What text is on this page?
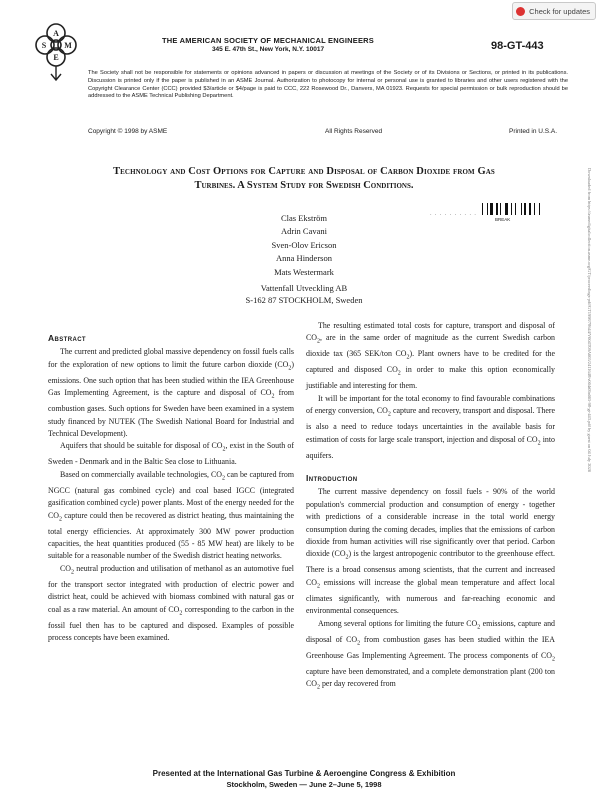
Check for updates
A
S M
E
THE AMERICAN SOCIETY OF MECHANICAL ENGINEERS
345 E. 47th St., New York, N.Y. 10017	98-GT-443
The Society shall not be responsible for statements or opinions advanced in papers or discussion at meetings of the Society or of its Divisions or Sections, or printed in its publications. Discussion is printed only if the paper is published in an ASME Journal. Authorization to photocopy for internal or personal use is granted to libraries and other users registered with the Copyright Clearance Center (CCC) provided $3/article or $4/page is paid to CCC, 222 Rosewood Dr., Danvers, MA 01923. Requests for special permission or bulk reproduction should be addressed to the ASME Technical Publishing Department.
Copyright © 1998 by ASME	All Rights Reserved	Printed in U.S.A.
Technology and Cost Options for Capture and Disposal of Carbon Dioxide from Gas
Turbines. A System Study for Swedish Conditions.
BREAK
· · · · · · · · · ·
Clas Ekström
Adrin Cavani
Sven-Olov Ericson
Anna Hinderson
Mats Westermark
Vattenfall Utveckling AB
S-162 87 STOCKHOLM, Sweden
Abstract

The current and predicted global massive dependency on fossil fuels calls for the exploration of new options to limit the future carbon dioxide $(CO_2)$ emissions. One such option that has been studied within the IEA Greenhouse Gas Implementing Agreement, is the capture and disposal of $CO_2$ from combustion gases. Such options for Sweden have been examined in a system study financed by NUTEK (The Swedish National Board for Industrial and Technical Development).

Aquifers that should be suitable for disposal of $CO_2$, exist in the South of Sweden - Denmark and in the Baltic Sea close to Lithuania.

Based on commercially available technologies, $CO_2$ can be captured from NGCC (natural gas combined cycle) and coal based IGCC (integrated gasification combined cycle) power plants. Most of the energy needed for the $CO_2$ capture could then be recovered as district heating, thus maintaining the total energy efficiencies. At approximately 300 MW power production capacities, the heat quantities produced (55 - 85 MW heat) are likely to be suitable for a reasonable number of the Swedish district heating networks.

$CO_2$ neutral production and utilisation of methanol as an automotive fuel for the transport sector integrated with production of electric power and district heat, could be achieved with biomass combined with natural gas or coal as a raw material. An amount of $CO_2$ corresponding to the carbon in the fossil fuel then has to be captured and disposed. Examples of possible process concepts have been examined.

The resulting estimated total costs for capture, transport and disposal of $CO_2$, are in the same order of magnitude as the current Swedish carbon dioxide tax (365 SEK/ton $CO_2$). Plant owners have to be credited for the captured and disposed $CO_2$ in order to make this option economically justifiable and interesting for them.

It will be important for the total economy to find favourable combinations of energy conversion, $CO_2$ capture and recovery, transport and disposal. There is also a need to reduce todays uncertainties in the available basis for estimation of costs for large scale transport, injection and disposal of $CO_2$ into aquifers.

Introduction

The current massive dependency on fossil fuels - 90% of the world population's commercial production and consumption of energy - together with predictions of a considerable increase in the total world energy consumption during the coming decades, implies that the emissions of carbon dioxide from human activities will rise significantly over that period. Carbon dioxide $(CO_2)$ is the largest antropogenic contributor to the greenhouse effect. There is a broad consensus among scientists, that the current and increased $CO_2$ emissions will increase the global mean temperature and affect local climates significantly, with numerous and far-reaching economic and environmental consequences.

Among several options for limiting the future $CO_2$ emissions, capture and disposal of $CO_2$ from combustion gases has been studied within the IEA Greenhouse Gas Implementing Agreement. The process components of $CO_2$ capture have been demonstrated, and a complete demonstration plant (200 ton $CO_2$ per day recovered from

Downloaded from https://asmedigitalcollection.asme.org/GT/proceedings-pdf/GT1998/78644/V004T09A005/2411648/v004t09a005-98-gt-443.pdf by guest on 04 July 2020
Presented at the International Gas Turbine & Aeroengine Congress & Exhibition
Stockholm, Sweden — June 2–June 5, 1998
